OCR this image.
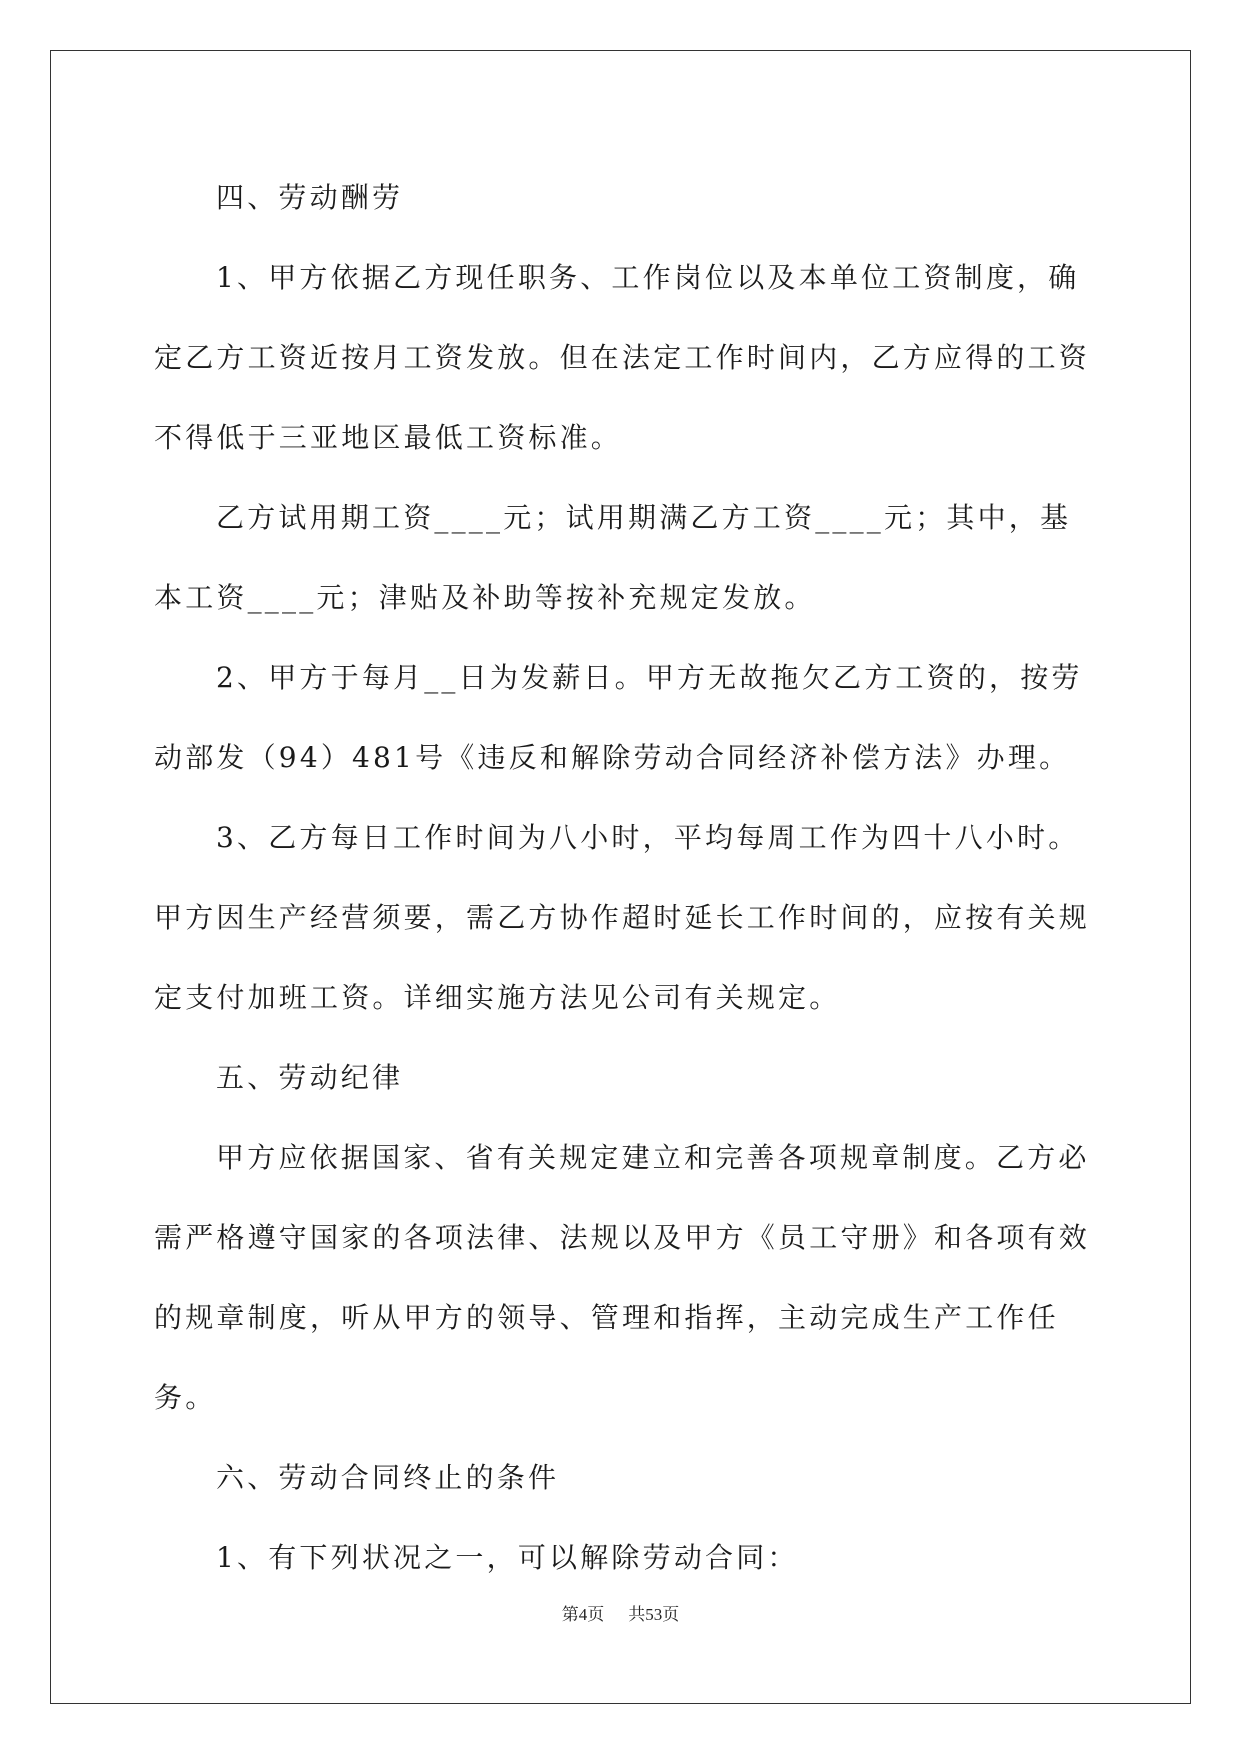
四、劳动酬劳

1、甲方依据乙方现任职务、工作岗位以及本单位工资制度，确定乙方工资近按月工资发放。但在法定工作时间内，乙方应得的工资不得低于三亚地区最低工资标准。

乙方试用期工资____元；试用期满乙方工资____元；其中，基本工资____元；津贴及补助等按补充规定发放。

2、甲方于每月__日为发薪日。甲方无故拖欠乙方工资的，按劳动部发（94）481号《违反和解除劳动合同经济补偿方法》办理。

3、乙方每日工作时间为八小时，平均每周工作为四十八小时。甲方因生产经营须要，需乙方协作超时延长工作时间的，应按有关规定支付加班工资。详细实施方法见公司有关规定。

五、劳动纪律

甲方应依据国家、省有关规定建立和完善各项规章制度。乙方必需严格遵守国家的各项法律、法规以及甲方《员工守册》和各项有效的规章制度，听从甲方的领导、管理和指挥，主动完成生产工作任务。

六、劳动合同终止的条件

1、有下列状况之一，可以解除劳动合同：

第4页 共53页
